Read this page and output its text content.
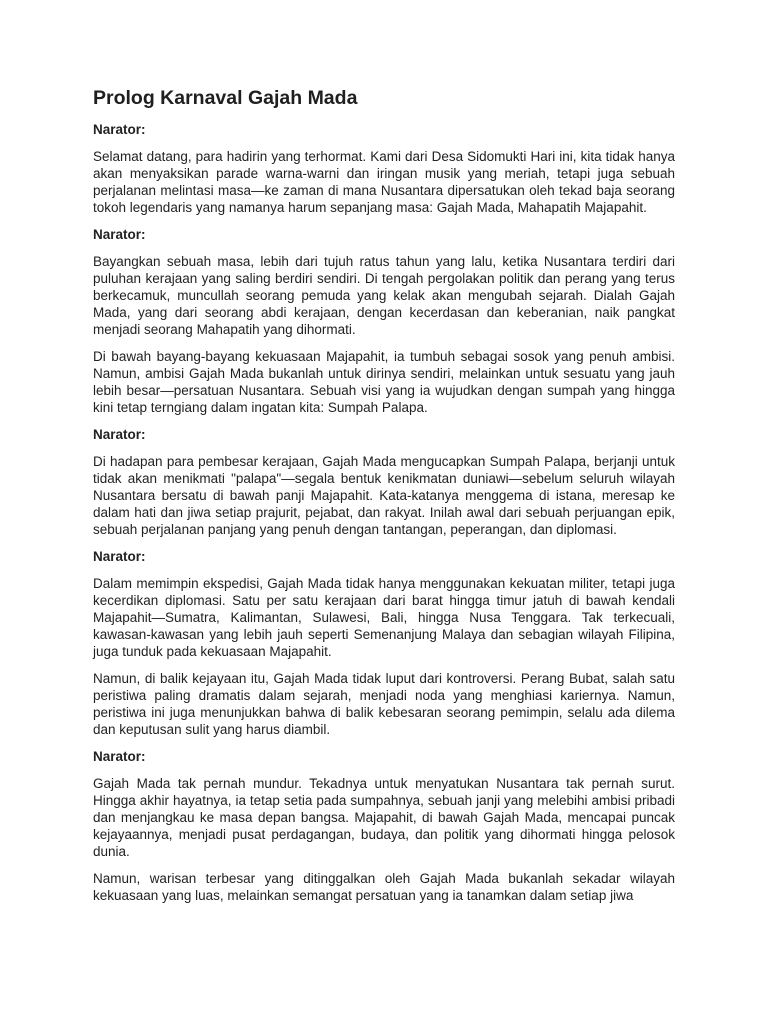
Prolog Karnaval Gajah Mada
Narator:

Selamat datang, para hadirin yang terhormat. Kami dari Desa Sidomukti Hari ini, kita tidak hanya akan menyaksikan parade warna-warni dan iringan musik yang meriah, tetapi juga sebuah perjalanan melintasi masa—ke zaman di mana Nusantara dipersatukan oleh tekad baja seorang tokoh legendaris yang namanya harum sepanjang masa: Gajah Mada, Mahapatih Majapahit.

Narator:

Bayangkan sebuah masa, lebih dari tujuh ratus tahun yang lalu, ketika Nusantara terdiri dari puluhan kerajaan yang saling berdiri sendiri. Di tengah pergolakan politik dan perang yang terus berkecamuk, muncullah seorang pemuda yang kelak akan mengubah sejarah. Dialah Gajah Mada, yang dari seorang abdi kerajaan, dengan kecerdasan dan keberanian, naik pangkat menjadi seorang Mahapatih yang dihormati.

Di bawah bayang-bayang kekuasaan Majapahit, ia tumbuh sebagai sosok yang penuh ambisi. Namun, ambisi Gajah Mada bukanlah untuk dirinya sendiri, melainkan untuk sesuatu yang jauh lebih besar—persatuan Nusantara. Sebuah visi yang ia wujudkan dengan sumpah yang hingga kini tetap terngiang dalam ingatan kita: Sumpah Palapa.

Narator:

Di hadapan para pembesar kerajaan, Gajah Mada mengucapkan Sumpah Palapa, berjanji untuk tidak akan menikmati "palapa"—segala bentuk kenikmatan duniawi—sebelum seluruh wilayah Nusantara bersatu di bawah panji Majapahit. Kata-katanya menggema di istana, meresap ke dalam hati dan jiwa setiap prajurit, pejabat, dan rakyat. Inilah awal dari sebuah perjuangan epik, sebuah perjalanan panjang yang penuh dengan tantangan, peperangan, dan diplomasi.

Narator:

Dalam memimpin ekspedisi, Gajah Mada tidak hanya menggunakan kekuatan militer, tetapi juga kecerdikan diplomasi. Satu per satu kerajaan dari barat hingga timur jatuh di bawah kendali Majapahit—Sumatra, Kalimantan, Sulawesi, Bali, hingga Nusa Tenggara. Tak terkecuali, kawasan-kawasan yang lebih jauh seperti Semenanjung Malaya dan sebagian wilayah Filipina, juga tunduk pada kekuasaan Majapahit.

Namun, di balik kejayaan itu, Gajah Mada tidak luput dari kontroversi. Perang Bubat, salah satu peristiwa paling dramatis dalam sejarah, menjadi noda yang menghiasi kariernya. Namun, peristiwa ini juga menunjukkan bahwa di balik kebesaran seorang pemimpin, selalu ada dilema dan keputusan sulit yang harus diambil.

Narator:

Gajah Mada tak pernah mundur. Tekadnya untuk menyatukan Nusantara tak pernah surut. Hingga akhir hayatnya, ia tetap setia pada sumpahnya, sebuah janji yang melebihi ambisi pribadi dan menjangkau ke masa depan bangsa. Majapahit, di bawah Gajah Mada, mencapai puncak kejayaannya, menjadi pusat perdagangan, budaya, dan politik yang dihormati hingga pelosok dunia.

Namun, warisan terbesar yang ditinggalkan oleh Gajah Mada bukanlah sekadar wilayah kekuasaan yang luas, melainkan semangat persatuan yang ia tanamkan dalam setiap jiwa
